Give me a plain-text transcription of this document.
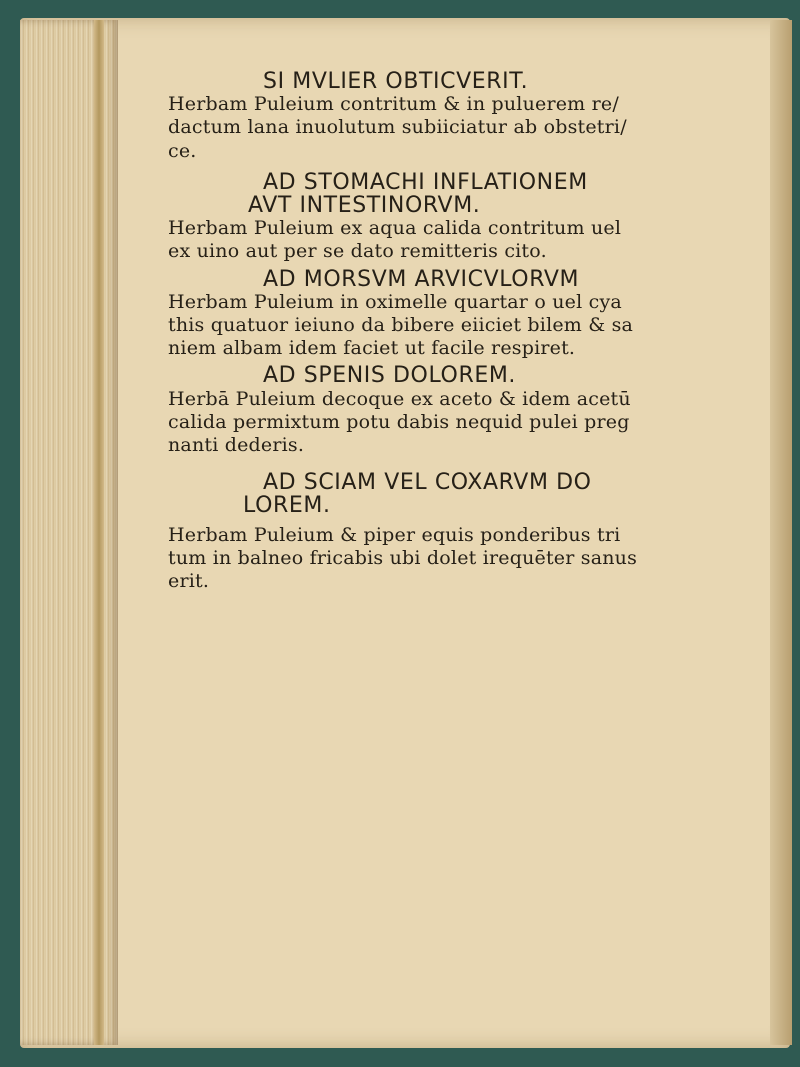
SI MVLIER OBTICVERIT.
Herbam Puleium contritum & in puluerem re/
dactum lana inuolutum subiiciatur ab obstetri/
ce.
AD STOMACHI INFLATIONEM
AVT INTESTINORVM.
Herbam Puleium ex aqua calida contritum uel
ex uino aut per se dato remitteris cito.
AD MORSVM ARVICVLORVM
Herbam Puleium in oximelle quartar o uel cya
this quatuor ieiuno da bibere eiiciet bilem & sa
niem albam idem faciet ut facile respiret.
AD SPENIS DOLOREM.
Herbā Puleium decoque ex aceto & idem acetū
calida permixtum potu dabis nequid pulei preg
nanti dederis.
AD SCIAM VEL COXARVM DO
LOREM.
Herbam Puleium & piper equis ponderibus tri
tum in balneo fricabis ubi dolet irequēter sanus
erit.
